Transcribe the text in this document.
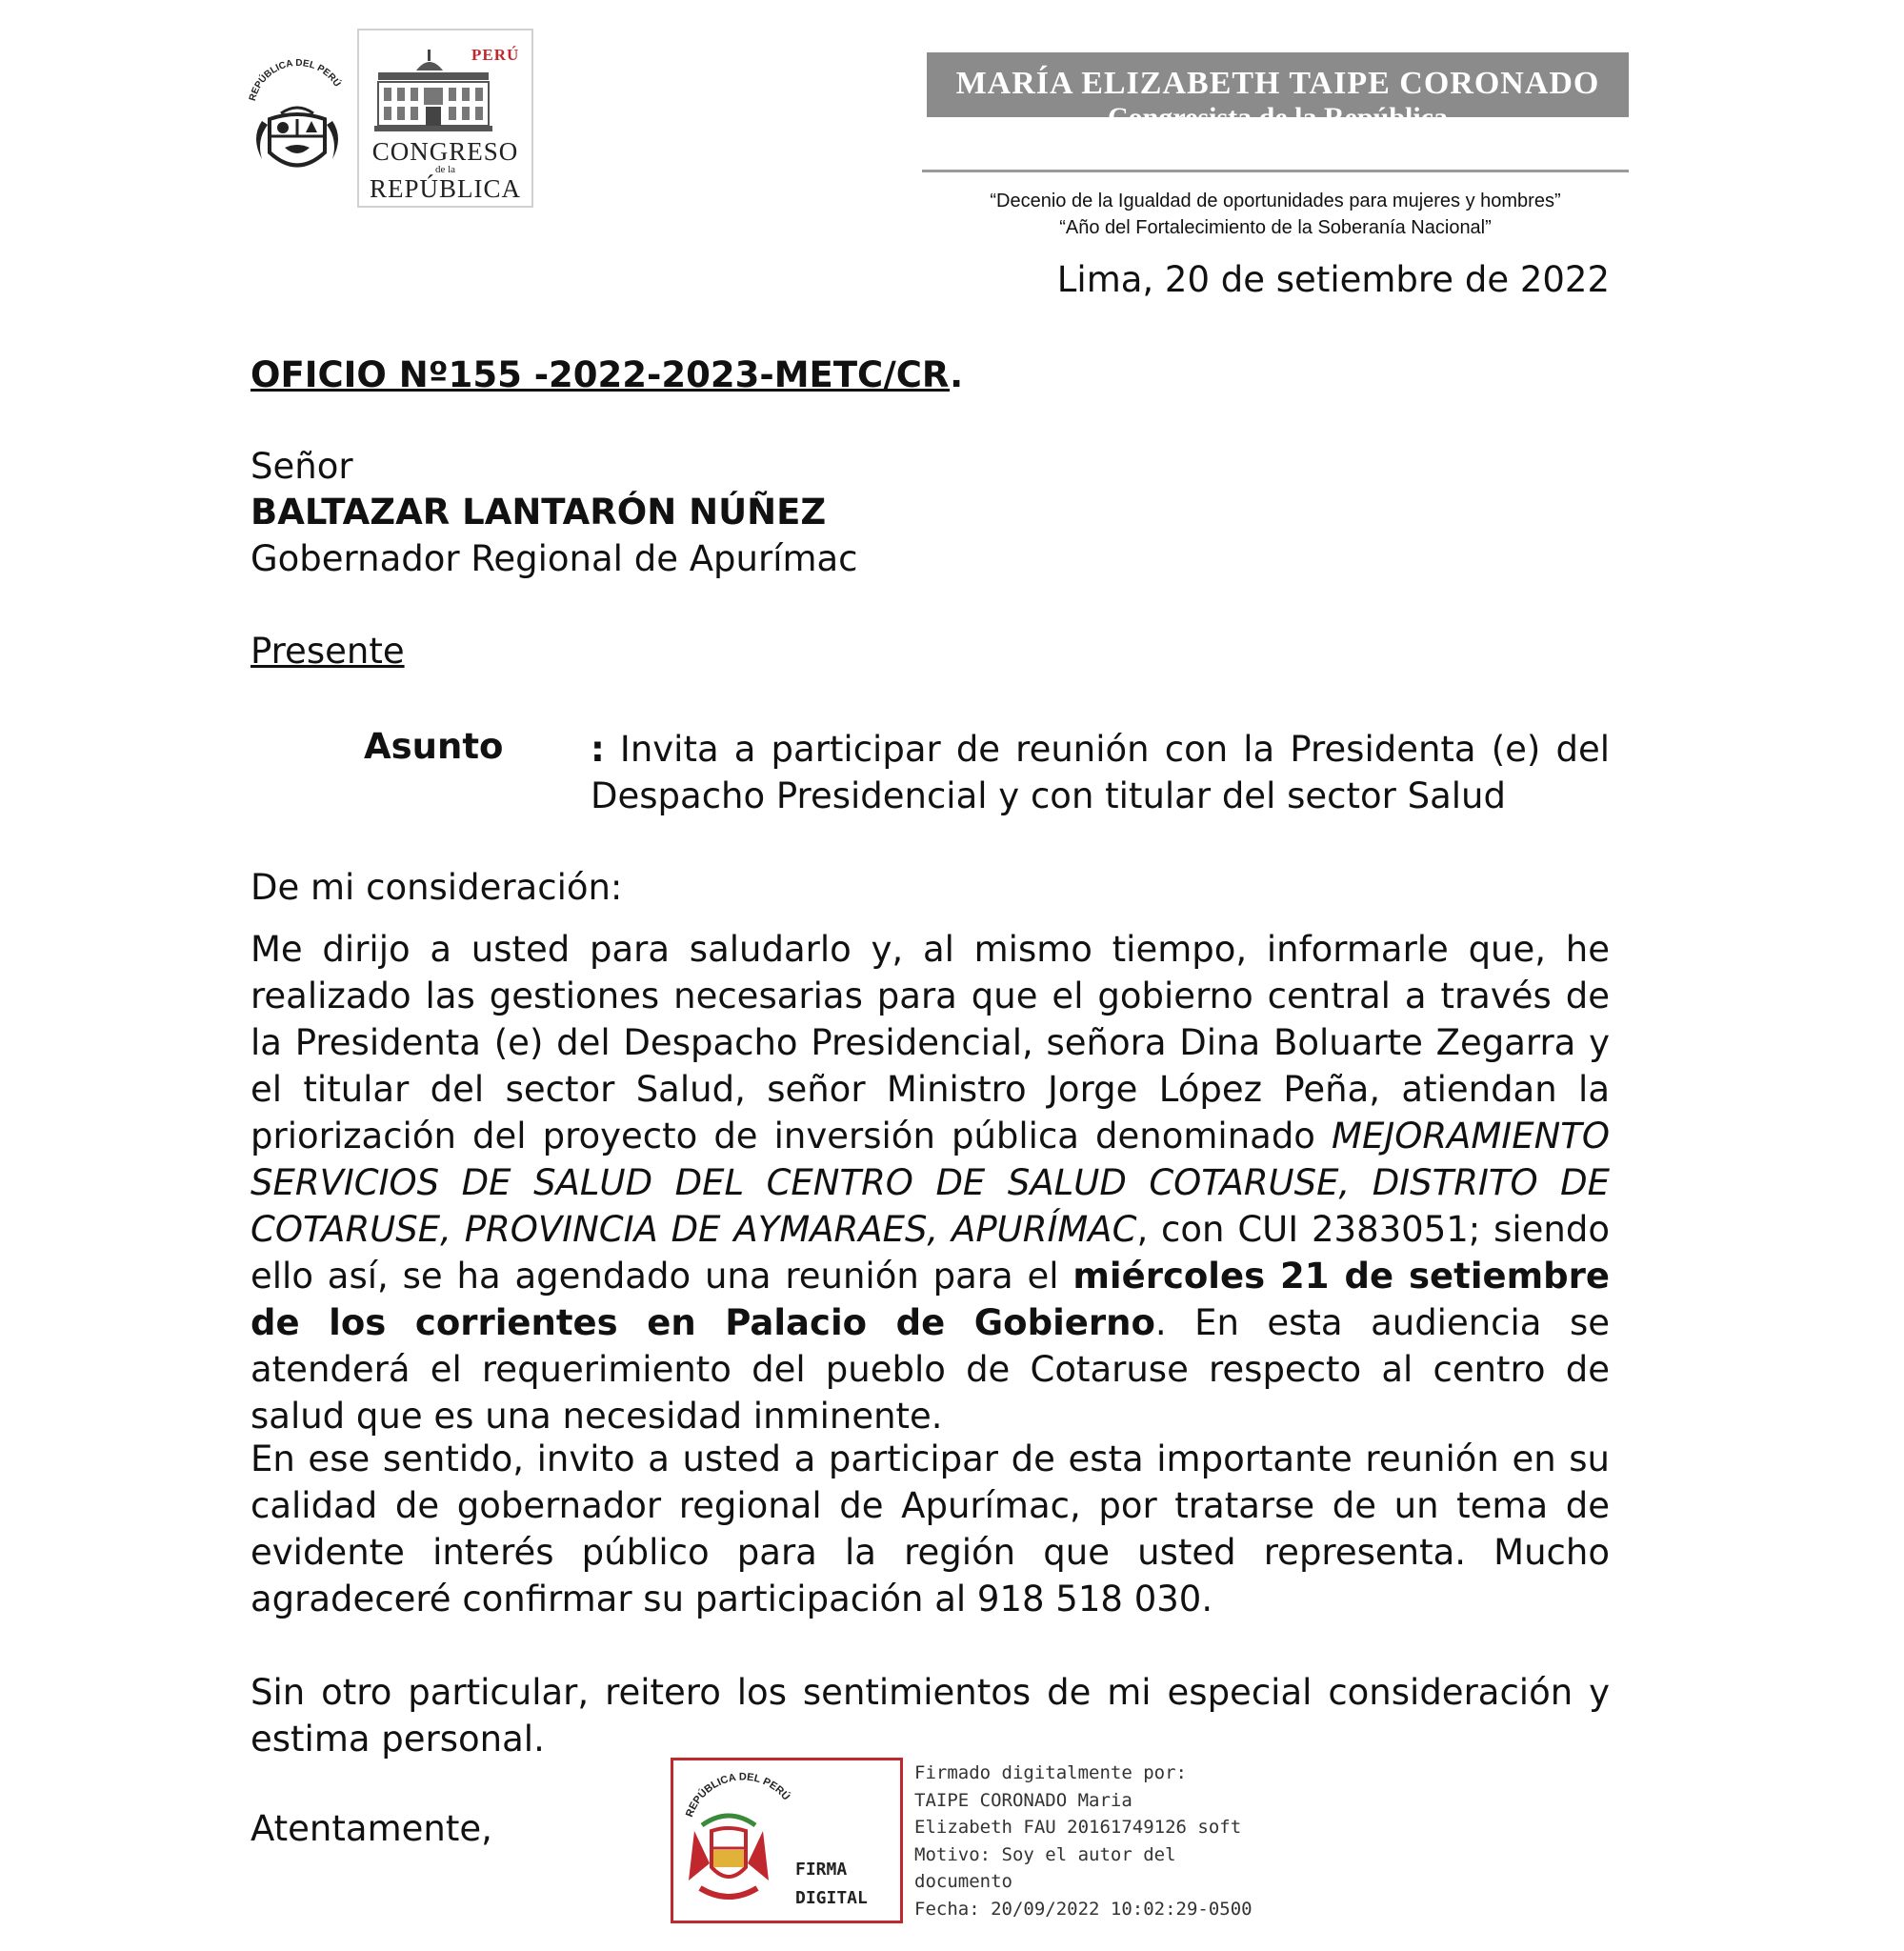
REPÚBLICA DEL PERÚ
PERÚ
CONGRESO
de la
REPÚBLICA
MARÍA ELIZABETH TAIPE CORONADO
Congresista de la República
“Decenio de la Igualdad de oportunidades para mujeres y hombres”
“Año del Fortalecimiento de la Soberanía Nacional”
Lima, 20 de setiembre de 2022
OFICIO Nº155 -2022-2023-METC/CR.
Señor
BALTAZAR LANTARÓN NÚÑEZ
Gobernador Regional de Apurímac
Presente
Asunto : Invita a participar de reunión con la Presidenta (e) del Despacho Presidencial y con titular del sector Salud
De mi consideración:
Me dirijo a usted para saludarlo y, al mismo tiempo, informarle que, he realizado las gestiones necesarias para que el gobierno central a través de la Presidenta (e) del Despacho Presidencial, señora Dina Boluarte Zegarra y el titular del sector Salud, señor Ministro Jorge López Peña, atiendan la priorización del proyecto de inversión pública denominado MEJORAMIENTO SERVICIOS DE SALUD DEL CENTRO DE SALUD COTARUSE, DISTRITO DE COTARUSE, PROVINCIA DE AYMARAES, APURÍMAC, con CUI 2383051; siendo ello así, se ha agendado una reunión para el miércoles 21 de setiembre de los corrientes en Palacio de Gobierno. En esta audiencia se atenderá el requerimiento del pueblo de Cotaruse respecto al centro de salud que es una necesidad inminente.
En ese sentido, invito a usted a participar de esta importante reunión en su calidad de gobernador regional de Apurímac, por tratarse de un tema de evidente interés público para la región que usted representa. Mucho agradeceré confirmar su participación al 918 518 030.
Sin otro particular, reitero los sentimientos de mi especial consideración y estima personal.
Atentamente,	REPÚBLICA DEL PERÚ
FIRMA
DIGITAL
Firmado digitalmente por:
TAIPE CORONADO Maria
Elizabeth FAU 20161749126 soft
Motivo: Soy el autor del
documento
Fecha: 20/09/2022 10:02:29-0500
